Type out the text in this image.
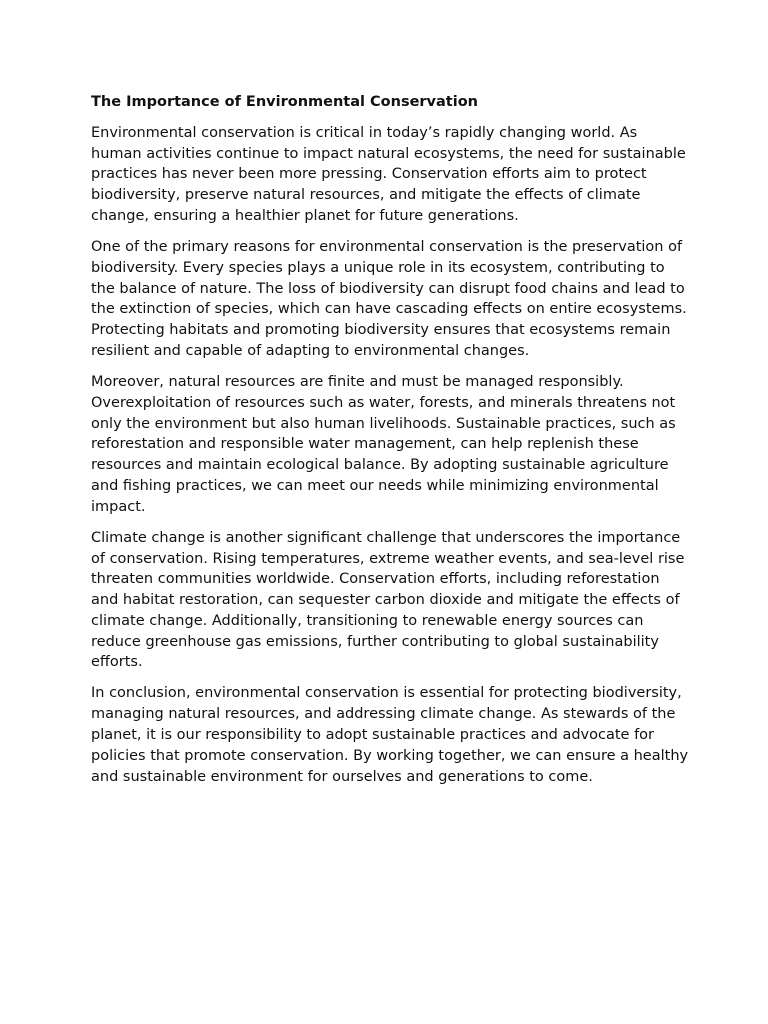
The Importance of Environmental Conservation

Environmental conservation is critical in today’s rapidly changing world. As human activities continue to impact natural ecosystems, the need for sustainable practices has never been more pressing. Conservation efforts aim to protect biodiversity, preserve natural resources, and mitigate the effects of climate change, ensuring a healthier planet for future generations.

One of the primary reasons for environmental conservation is the preservation of biodiversity. Every species plays a unique role in its ecosystem, contributing to the balance of nature. The loss of biodiversity can disrupt food chains and lead to the extinction of species, which can have cascading effects on entire ecosystems. Protecting habitats and promoting biodiversity ensures that ecosystems remain resilient and capable of adapting to environmental changes.

Moreover, natural resources are finite and must be managed responsibly. Overexploitation of resources such as water, forests, and minerals threatens not only the environment but also human livelihoods. Sustainable practices, such as reforestation and responsible water management, can help replenish these resources and maintain ecological balance. By adopting sustainable agriculture and fishing practices, we can meet our needs while minimizing environmental impact.

Climate change is another significant challenge that underscores the importance of conservation. Rising temperatures, extreme weather events, and sea-level rise threaten communities worldwide. Conservation efforts, including reforestation and habitat restoration, can sequester carbon dioxide and mitigate the effects of climate change. Additionally, transitioning to renewable energy sources can reduce greenhouse gas emissions, further contributing to global sustainability efforts.

In conclusion, environmental conservation is essential for protecting biodiversity, managing natural resources, and addressing climate change. As stewards of the planet, it is our responsibility to adopt sustainable practices and advocate for policies that promote conservation. By working together, we can ensure a healthy and sustainable environment for ourselves and generations to come.
